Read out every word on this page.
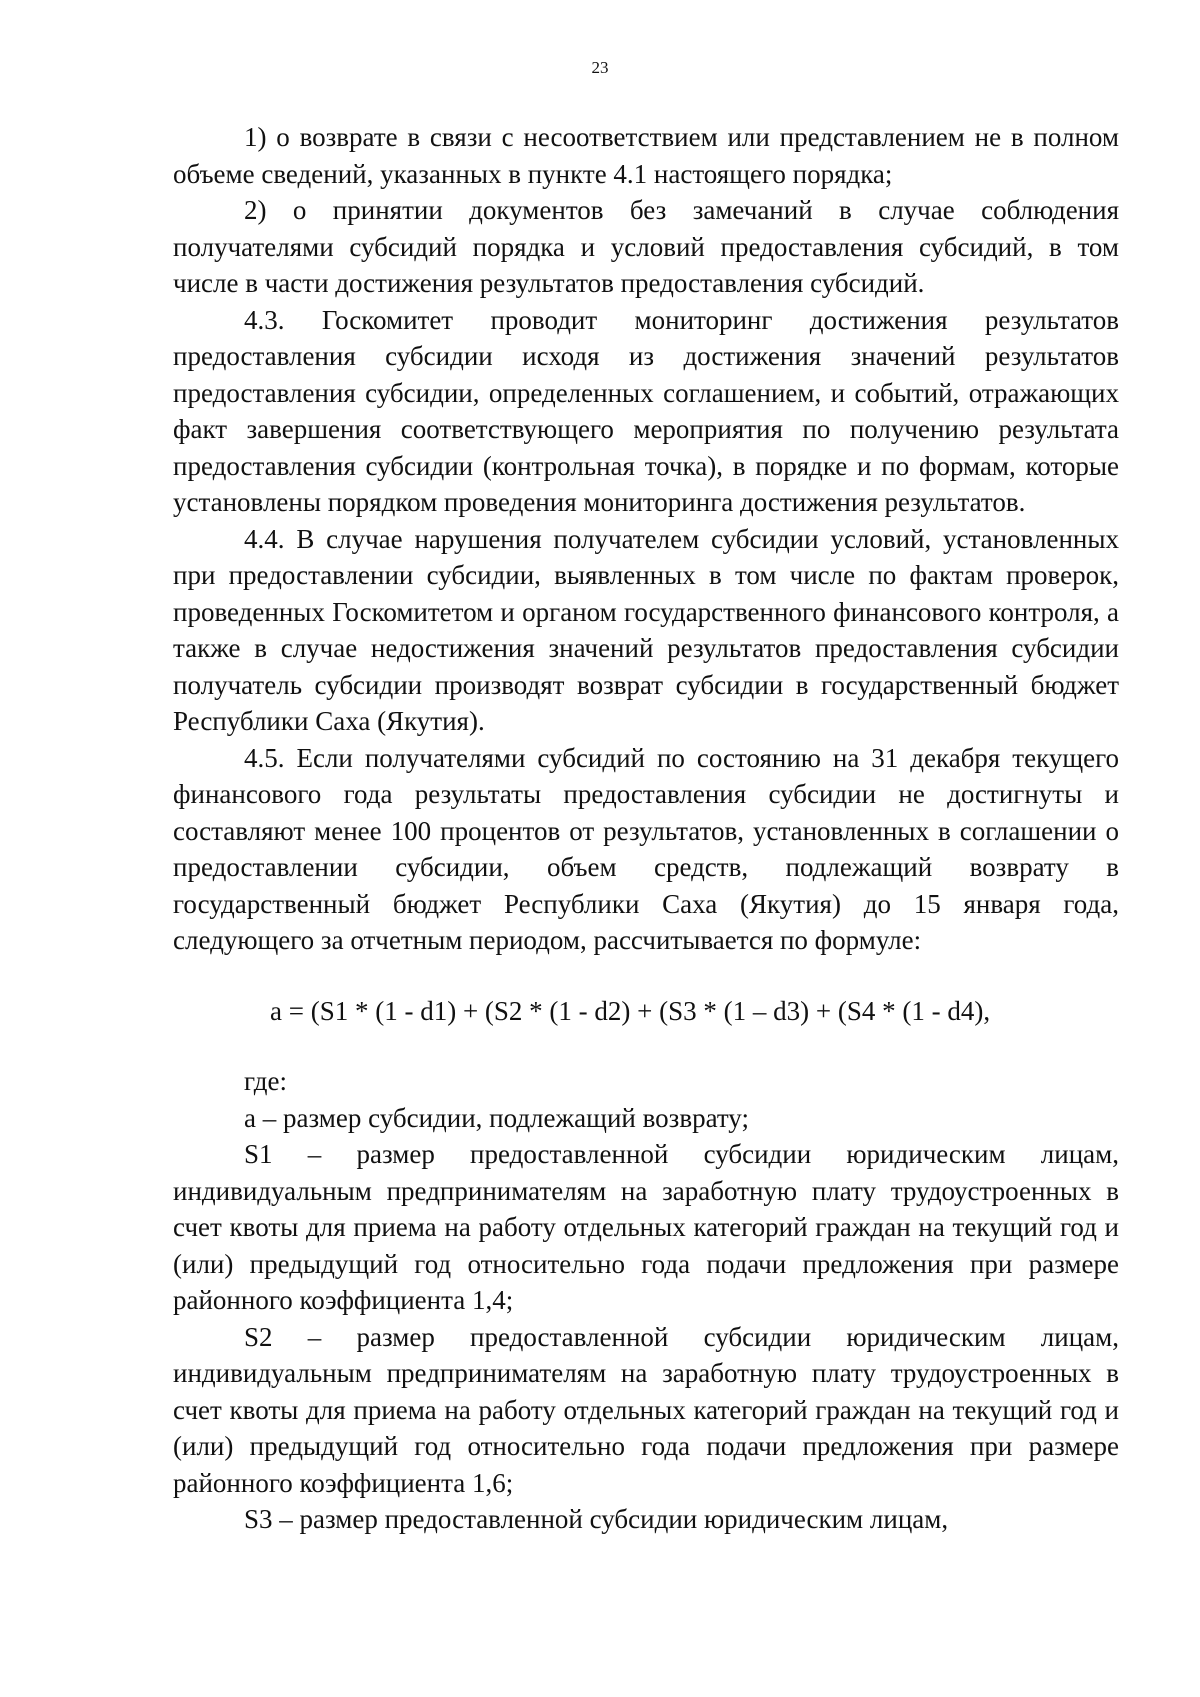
23

1) о возврате в связи с несоответствием или представлением не в полном объеме сведений, указанных в пункте 4.1 настоящего порядка;

2) о принятии документов без замечаний в случае соблюдения получателями субсидий порядка и условий предоставления субсидий, в том числе в части достижения результатов предоставления субсидий.

4.3. Госкомитет проводит мониторинг достижения результатов предоставления субсидии исходя из достижения значений результатов предоставления субсидии, определенных соглашением, и событий, отражающих факт завершения соответствующего мероприятия по получению результата предоставления субсидии (контрольная точка), в порядке и по формам, которые установлены порядком проведения мониторинга достижения результатов.

4.4. В случае нарушения получателем субсидии условий, установленных при предоставлении субсидии, выявленных в том числе по фактам проверок, проведенных Госкомитетом и органом государственного финансового контроля, а также в случае недостижения значений результатов предоставления субсидии получатель субсидии производят возврат субсидии в государственный бюджет Республики Саха (Якутия).

4.5. Если получателями субсидий по состоянию на 31 декабря текущего финансового года результаты предоставления субсидии не достигнуты и составляют менее 100 процентов от результатов, установленных в соглашении о предоставлении субсидии, объем средств, подлежащий возврату в государственный бюджет Республики Саха (Якутия) до 15 января года, следующего за отчетным периодом, рассчитывается по формуле:

a = (S1 * (1 - d1) + (S2 * (1 - d2) + (S3 * (1 – d3) + (S4 * (1 - d4),

где:

а – размер субсидии, подлежащий возврату;

S1 – размер предоставленной субсидии юридическим лицам, индивидуальным предпринимателям на заработную плату трудоустроенных в счет квоты для приема на работу отдельных категорий граждан на текущий год и (или) предыдущий год относительно года подачи предложения при размере районного коэффициента 1,4;

S2 – размер предоставленной субсидии юридическим лицам, индивидуальным предпринимателям на заработную плату трудоустроенных в счет квоты для приема на работу отдельных категорий граждан на текущий год и (или) предыдущий год относительно года подачи предложения при размере районного коэффициента 1,6;

S3 – размер предоставленной субсидии юридическим лицам,
